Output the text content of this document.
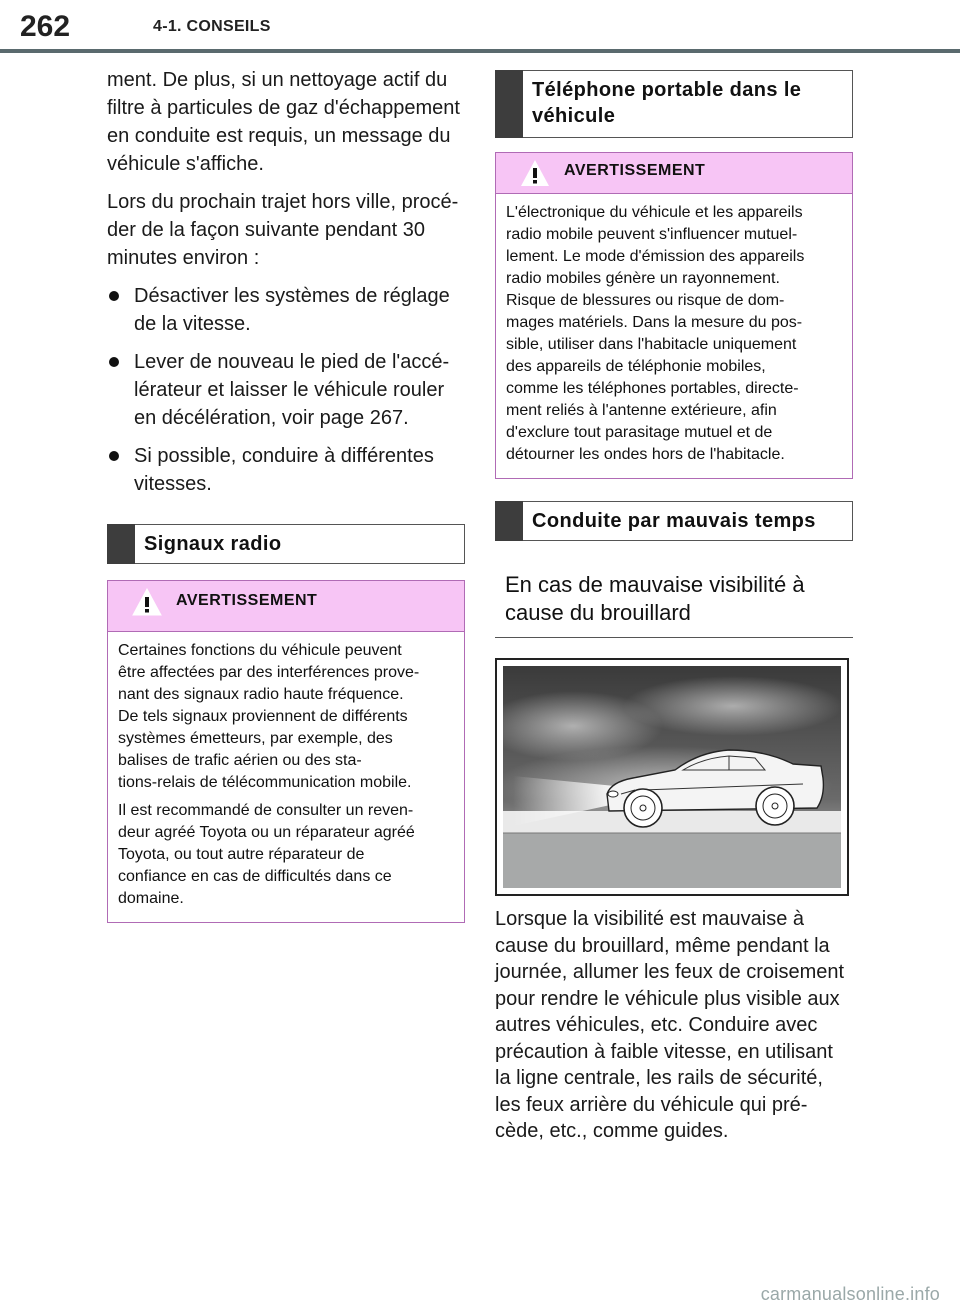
262	4-1. CONSEILS

ment. De plus, si un nettoyage actif du
filtre à particules de gaz d'échappement
en conduite est requis, un message du
véhicule s'affiche.

Lors du prochain trajet hors ville, procé-
der de la façon suivante pendant 30
minutes environ :

Désactiver les systèmes de réglage
de la vitesse.
Lever de nouveau le pied de l'accé-
lérateur et laisser le véhicule rouler
en décélération, voir page 267.
Si possible, conduire à différentes
vitesses.
Signaux radio
AVERTISSEMENT

Certaines fonctions du véhicule peuvent
être affectées par des interférences prove-
nant des signaux radio haute fréquence.
De tels signaux proviennent de différents
systèmes émetteurs, par exemple, des
balises de trafic aérien ou des sta-
tions-relais de télécommunication mobile.

Il est recommandé de consulter un reven-
deur agréé Toyota ou un réparateur agréé
Toyota, ou tout autre réparateur de
confiance en cas de difficultés dans ce
domaine.

Téléphone portable dans le
véhicule
AVERTISSEMENT

L'électronique du véhicule et les appareils
radio mobile peuvent s'influencer mutuel-
lement. Le mode d'émission des appareils
radio mobiles génère un rayonnement.
Risque de blessures ou risque de dom-
mages matériels. Dans la mesure du pos-
sible, utiliser dans l'habitacle uniquement
des appareils de téléphonie mobiles,
comme les téléphones portables, directe-
ment reliés à l'antenne extérieure, afin
d'exclure tout parasitage mutuel et de
détourner les ondes hors de l'habitacle.

Conduite par mauvais temps
En cas de mauvaise visibilité à
cause du brouillard

Lorsque la visibilité est mauvaise à
cause du brouillard, même pendant la
journée, allumer les feux de croisement
pour rendre le véhicule plus visible aux
autres véhicules, etc. Conduire avec
précaution à faible vitesse, en utilisant
la ligne centrale, les rails de sécurité,
les feux arrière du véhicule qui pré-
cède, etc., comme guides.

carmanualsonline.info
